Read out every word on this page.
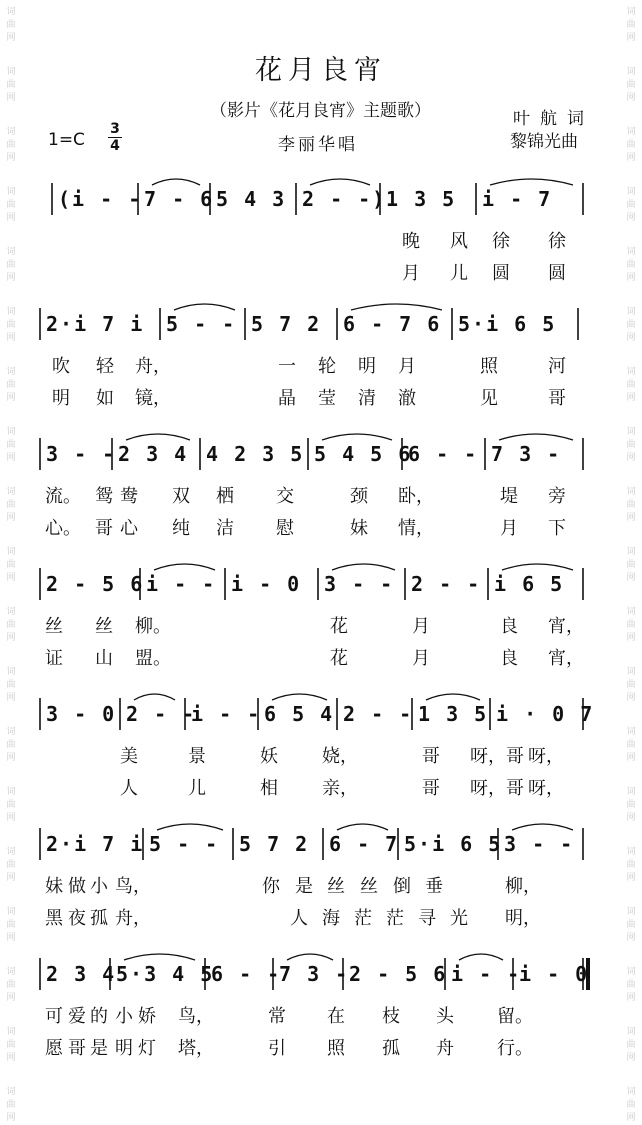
词
曲
网
词
曲
网
词
曲
网
词
曲
网
词
曲
网
词
曲
网
词
曲
网
词
曲
网
词
曲
网
词
曲
网
词
曲
网
词
曲
网
词
曲
网
词
曲
网
词
曲
网
词
曲
网
词
曲
网
词
曲
网
词
曲
网
词
曲
网
词
曲
网
词
曲
网
词
曲
网
词
曲
网
词
曲
网
词
曲
网
词
曲
网
词
曲
网
词
曲
网
词
曲
网
词
曲
网
词
曲
网
词
曲
网
词
曲
网
词
曲
网
词
曲
网
词
曲
网
词
曲
网
花月良宵
（影片《花月良宵》主题歌）	叶航词
黎锦光曲
李丽华唱
1=C
3
4
(i - - 7 - 6 5 4 3 2 - -) 1 3 5	i - 7
晚 风 徐 徐
月 儿 圆 圆
2·i 7 i	5 - - 5 7 2	6 - 7 6 5·i 6 5
吹 轻 舟，	一 轮 明 月	照	河
明 如 镜，	晶 莹 清 澈	见	哥
3 - - 2 3 4 4 2 3 5 5 4 5 6
6 - - 7 3 -
流。 鸳 鸯 双 栖 交	颈 卧，	堤 旁
心。 哥 心 纯 洁 慰	妹 情，	月 下
2 - 5 6 i - - i - 0	3 - - 2 - - i 6 5
丝 丝 柳。	花	月	良 宵，
证 山 盟。	花	月	良 宵，
3 - 0 2 - -
i - - 6 5 4 2 - - 1 3 5 i · 0 7
美	景	妖 娆，	哥 呀，哥 呀，
人	儿	相 亲，	哥 呀，哥 呀，
2·i 7 i 5 - - 5 7 2 6 - 7 5·i 6 5 3 - -
妹 做 小 鸟，	你 是 丝 丝 倒 垂	柳，
黑 夜 孤 舟，	人 海 茫 茫 寻 光 明，
2 3 4 5·3 4 5
6 - -
7 3 - 2 - 5 6 i - -
i - 0
可 爱 的 小 娇 鸟，	常 在 枝 头 留。
愿 哥 是 明 灯 塔，	引 照 孤 舟 行。
